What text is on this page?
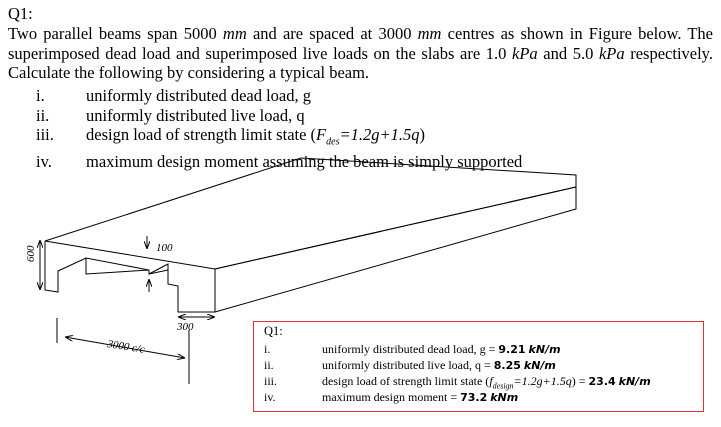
Q1:

Two parallel beams span 5000 mm and are spaced at 3000 mm centres as shown in Figure below. The superimposed dead load and superimposed live loads on the slabs are 1.0 kPa and 5.0 kPa respectively. Calculate the following by considering a typical beam.

i.	uniformly distributed dead load, g
ii.	uniformly distributed live load, q
iii.	design load of strength limit state $(F_{des}=1.2g+1.5q)$
iv.	maximum design moment assuming the beam is simply supported
600	100
300
3000 c/c
Q1:
i.	uniformly distributed dead load, g = 9.21 kN/m
ii.	uniformly distributed live load, q = 8.25 kN/m
iii.	design load of strength limit state $(f_{design}=1.2g+1.5q) = 23.4$ kN/m
iv.	maximum design moment = 73.2 kNm
